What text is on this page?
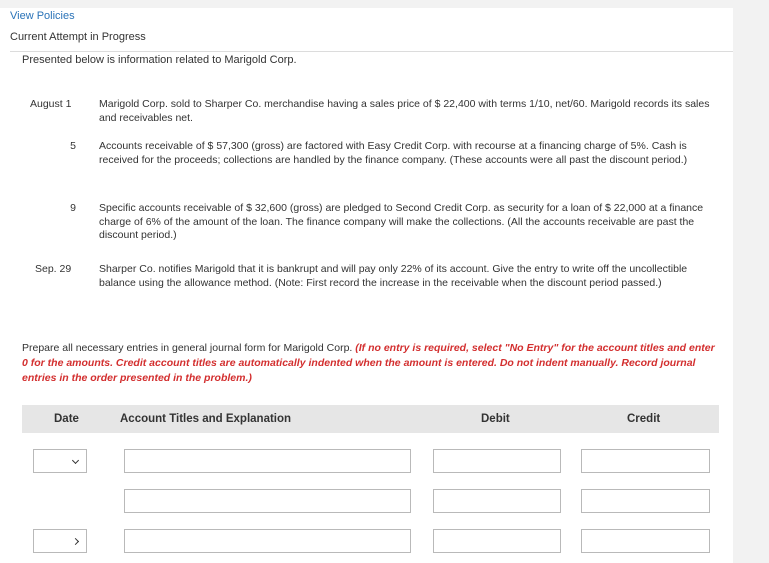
View Policies
Current Attempt in Progress
Presented below is information related to Marigold Corp.
August 1	Marigold Corp. sold to Sharper Co. merchandise having a sales price of $ 22,400 with terms 1/10, net/60. Marigold records its sales and receivables net.
5 Accounts receivable of $ 57,300 (gross) are factored with Easy Credit Corp. with recourse at a financing charge of 5%. Cash is received for the proceeds; collections are handled by the finance company. (These accounts were all past the discount period.)
9 Specific accounts receivable of $ 32,600 (gross) are pledged to Second Credit Corp. as security for a loan of $ 22,000 at a finance charge of 6% of the amount of the loan. The finance company will make the collections. (All the accounts receivable are past the discount period.)
Sep. 29	Sharper Co. notifies Marigold that it is bankrupt and will pay only 22% of its account. Give the entry to write off the uncollectible balance using the allowance method. (Note: First record the increase in the receivable when the discount period passed.)
Prepare all necessary entries in general journal form for Marigold Corp. (If no entry is required, select "No Entry" for the account titles and enter 0 for the amounts. Credit account titles are automatically indented when the amount is entered. Do not indent manually. Record journal entries in the order presented in the problem.)
Date	Account Titles and Explanation	Debit	Credit
